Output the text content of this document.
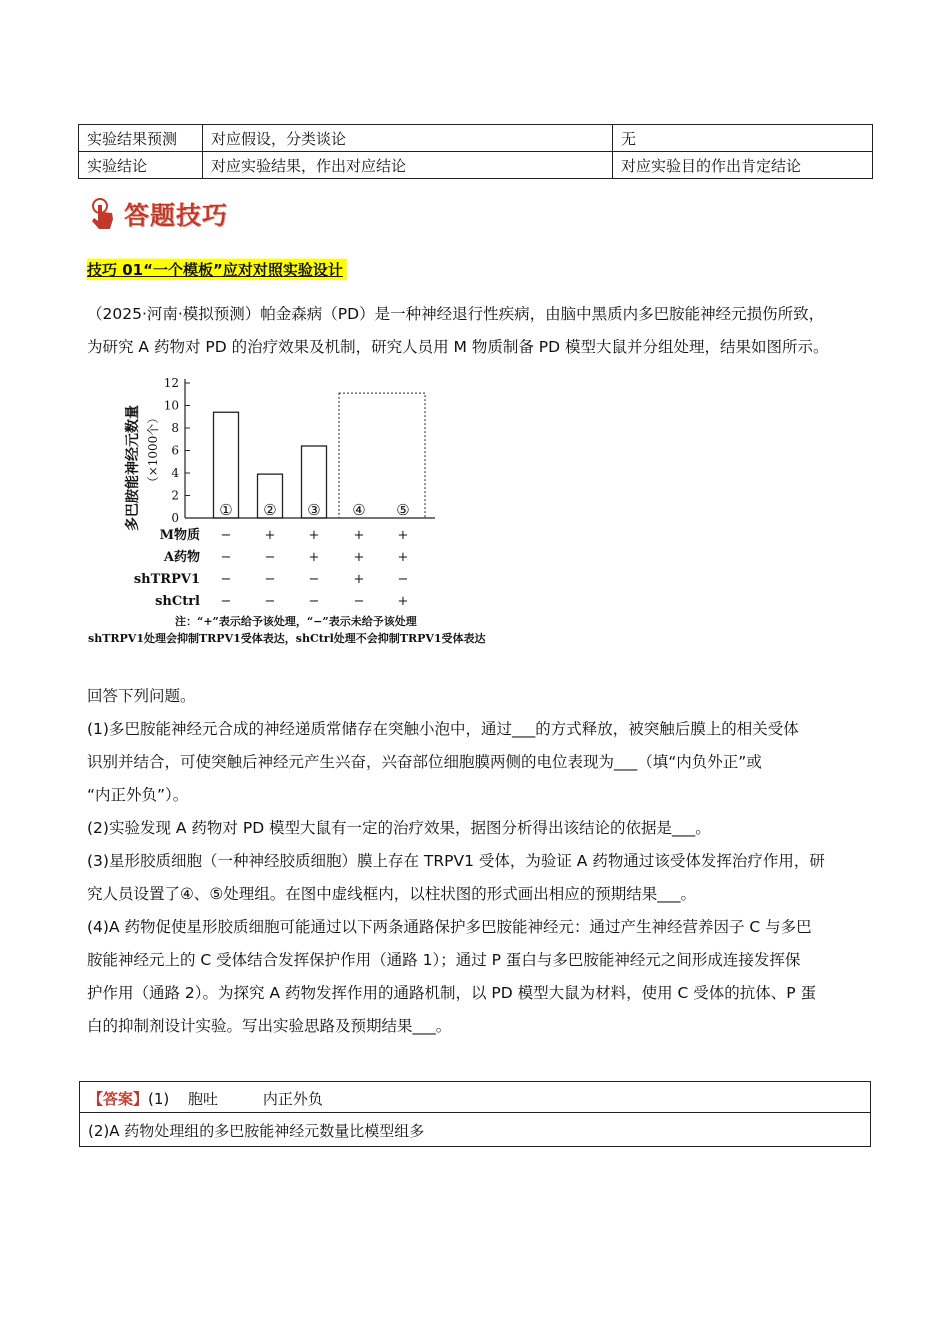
实验结果预测	对应假设，分类谈论	无
实验结论	对应实验结果，作出对应结论	对应实验目的作出肯定结论
答题技巧
技巧 01“一个模板”应对对照实验设计
（2025·河南·模拟预测）帕金森病（PD）是一种神经退行性疾病，由脑中黑质内多巴胺能神经元损伤所致，
为研究 A 药物对 PD 的治疗效果及机制，研究人员用 M 物质制备 PD 模型大鼠并分组处理，结果如图所示。
0
2
4
6
8
10
12
多巴胺能神经元数量 （×1000个）
① ② ③ ④ ⑤
M物质 −	+	+	+	+
A药物 −	−	+	+	+
shTRPV1 −	−	−	+	−
shCtrl −	−	−	−	+
注：“+”表示给予该处理，“−”表示未给予该处理
shTRPV1处理会抑制TRPV1受体表达，shCtrl处理不会抑制TRPV1受体表达
回答下列问题。
(1)多巴胺能神经元合成的神经递质常储存在突触小泡中，通过___的方式释放，被突触后膜上的相关受体
识别并结合，可使突触后神经元产生兴奋，兴奋部位细胞膜两侧的电位表现为___（填“内负外正”或
“内正外负”）。
(2)实验发现 A 药物对 PD 模型大鼠有一定的治疗效果，据图分析得出该结论的依据是___。
(3)星形胶质细胞（一种神经胶质细胞）膜上存在 TRPV1 受体，为验证 A 药物通过该受体发挥治疗作用，研
究人员设置了④、⑤处理组。在图中虚线框内，以柱状图的形式画出相应的预期结果___。
(4)A 药物促使星形胶质细胞可能通过以下两条通路保护多巴胺能神经元：通过产生神经营养因子 C 与多巴
胺能神经元上的 C 受体结合发挥保护作用（通路 1）；通过 P 蛋白与多巴胺能神经元之间形成连接发挥保
护作用（通路 2）。为探究 A 药物发挥作用的通路机制，以 PD 模型大鼠为材料，使用 C 受体的抗体、P 蛋
白的抑制剂设计实验。写出实验思路及预期结果___。
【答案】(1) 胞吐	内正外负
(2)A 药物处理组的多巴胺能神经元数量比模型组多
